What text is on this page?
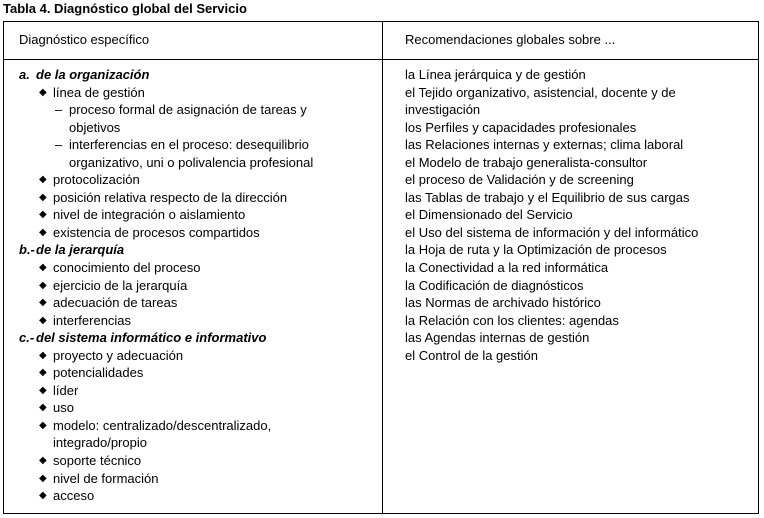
Tabla 4. Diagnóstico global del Servicio
Diagnóstico específico	Recomendaciones globales sobre ...
a. de la organización
◆ línea de gestión
– proceso formal de asignación de tareas y
objetivos
– interferencias en el proceso: desequilibrio
organizativo, uni o polivalencia profesional
◆ protocolización
◆ posición relativa respecto de la dirección
◆ nivel de integración o aislamiento
◆ existencia de procesos compartidos
b.-de la jerarquía
◆ conocimiento del proceso
◆ ejercicio de la jerarquía
◆ adecuación de tareas
◆ interferencias
c.- del sistema informático e informativo
◆ proyecto y adecuación
◆ potencialidades
◆ líder
◆ uso
◆ modelo: centralizado/descentralizado,
integrado/propio
◆ soporte técnico
◆ nivel de formación
◆ acceso
la Línea jerárquica y de gestión
el Tejido organizativo, asistencial, docente y de
investigación
los Perfiles y capacidades profesionales
las Relaciones internas y externas; clima laboral
el Modelo de trabajo generalista-consultor
el proceso de Validación y de screening
las Tablas de trabajo y el Equilibrio de sus cargas
el Dimensionado del Servicio
el Uso del sistema de información y del informático
la Hoja de ruta y la Optimización de procesos
la Conectividad a la red informática
la Codificación de diagnósticos
las Normas de archivado histórico
la Relación con los clientes: agendas
las Agendas internas de gestión
el Control de la gestión
